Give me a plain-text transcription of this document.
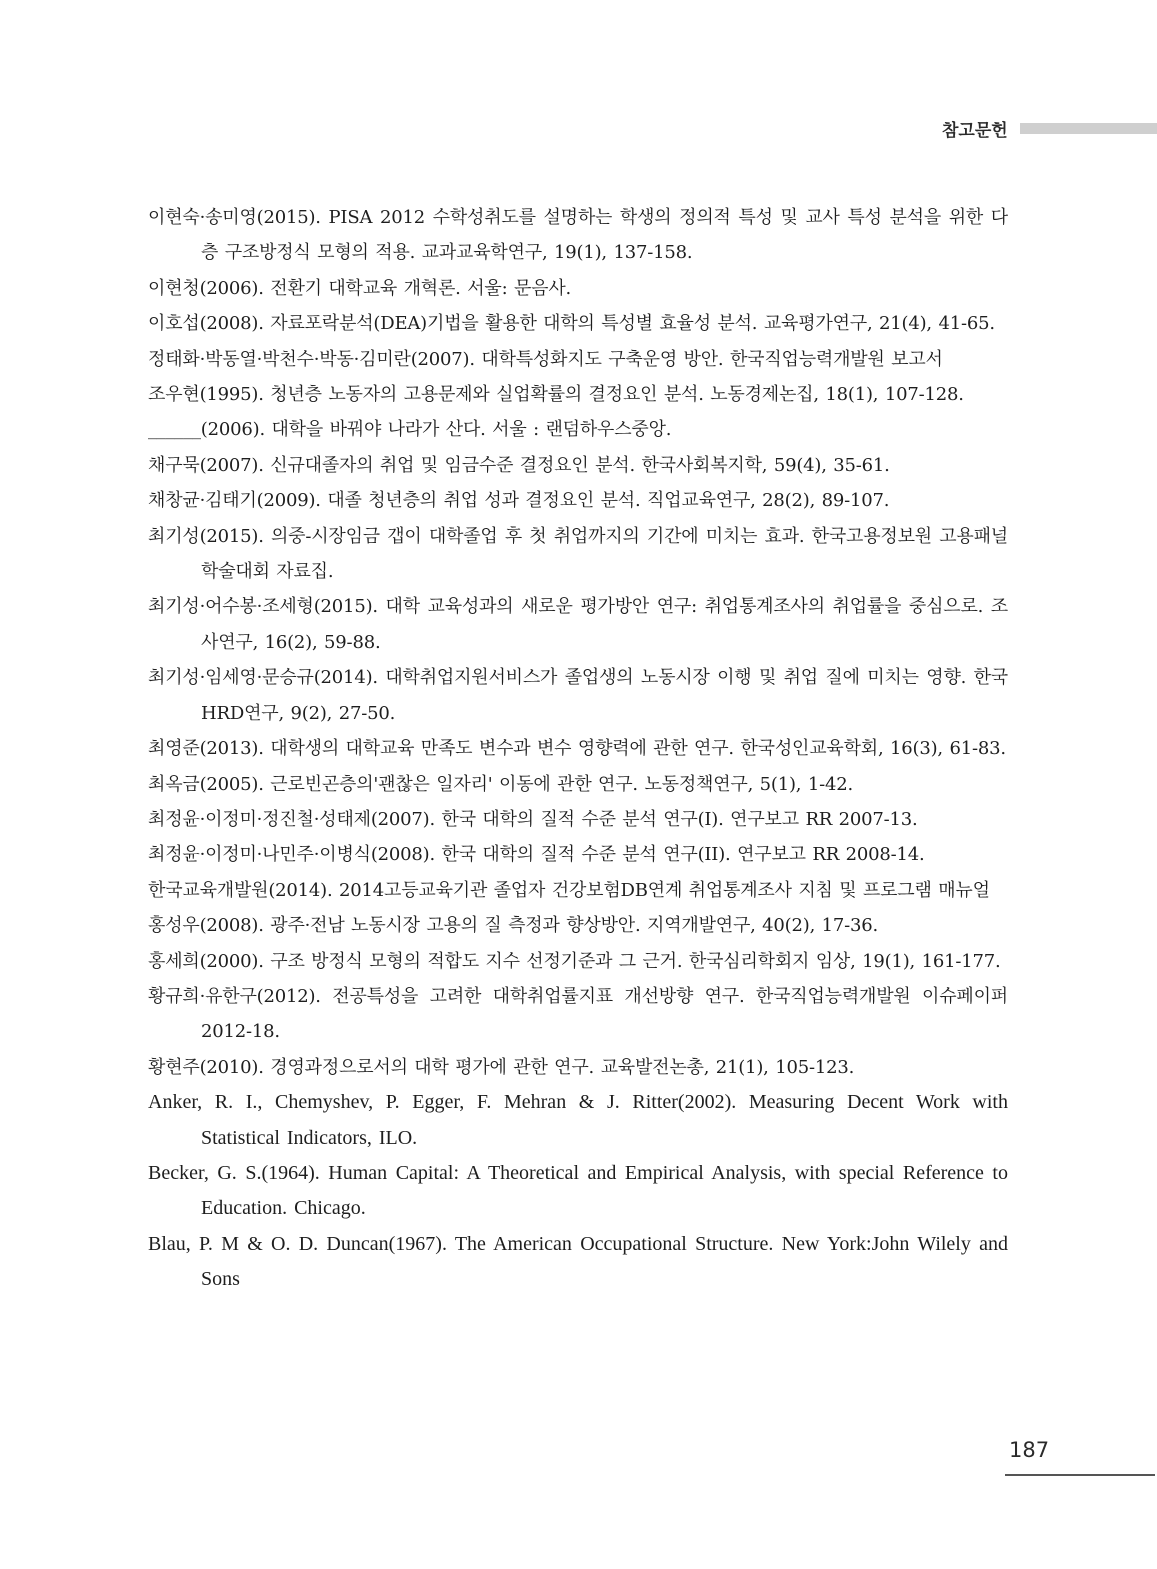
참고문헌
이현숙·송미영(2015). PISA 2012 수학성취도를 설명하는 학생의 정의적 특성 및 교사 특성 분석을 위한 다층 구조방정식 모형의 적용. 교과교육학연구, 19(1), 137-158.
이현청(2006). 전환기 대학교육 개혁론. 서울: 문음사.
이호섭(2008). 자료포락분석(DEA)기법을 활용한 대학의 특성별 효율성 분석. 교육평가연구, 21(4), 41-65.
정태화·박동열·박천수·박동·김미란(2007). 대학특성화지도 구축운영 방안. 한국직업능력개발원 보고서
조우현(1995). 청년층 노동자의 고용문제와 실업확률의 결정요인 분석. 노동경제논집, 18(1), 107-128.
______(2006). 대학을 바꿔야 나라가 산다. 서울 : 랜덤하우스중앙.
채구묵(2007). 신규대졸자의 취업 및 임금수준 결정요인 분석. 한국사회복지학, 59(4), 35-61.
채창균·김태기(2009). 대졸 청년층의 취업 성과 결정요인 분석. 직업교육연구, 28(2), 89-107.
최기성(2015). 의중-시장임금 갭이 대학졸업 후 첫 취업까지의 기간에 미치는 효과. 한국고용정보원 고용패널 학술대회 자료집.
최기성·어수봉·조세형(2015). 대학 교육성과의 새로운 평가방안 연구: 취업통계조사의 취업률을 중심으로. 조사연구, 16(2), 59-88.
최기성·임세영·문승규(2014). 대학취업지원서비스가 졸업생의 노동시장 이행 및 취업 질에 미치는 영향. 한국HRD연구, 9(2), 27-50.
최영준(2013). 대학생의 대학교육 만족도 변수과 변수 영향력에 관한 연구. 한국성인교육학회, 16(3), 61-83.
최옥금(2005). 근로빈곤층의'괜찮은 일자리' 이동에 관한 연구. 노동정책연구, 5(1), 1-42.
최정윤·이정미·정진철·성태제(2007). 한국 대학의 질적 수준 분석 연구(I). 연구보고 RR 2007-13.
최정윤·이정미·나민주·이병식(2008). 한국 대학의 질적 수준 분석 연구(II). 연구보고 RR 2008-14.
한국교육개발원(2014). 2014고등교육기관 졸업자 건강보험DB연계 취업통계조사 지침 및 프로그램 매뉴얼
홍성우(2008). 광주·전남 노동시장 고용의 질 측정과 향상방안. 지역개발연구, 40(2), 17-36.
홍세희(2000). 구조 방정식 모형의 적합도 지수 선정기준과 그 근거. 한국심리학회지 임상, 19(1), 161-177.
황규희·유한구(2012). 전공특성을 고려한 대학취업률지표 개선방향 연구. 한국직업능력개발원 이슈페이퍼 2012-18.
황현주(2010). 경영과정으로서의 대학 평가에 관한 연구. 교육발전논총, 21(1), 105-123.
Anker, R. I., Chemyshev, P. Egger, F. Mehran & J. Ritter(2002). Measuring Decent Work with Statistical Indicators, ILO.
Becker, G. S.(1964). Human Capital: A Theoretical and Empirical Analysis, with special Reference to Education. Chicago.
Blau, P. M & O. D. Duncan(1967). The American Occupational Structure. New York:John Wilely and Sons
187
